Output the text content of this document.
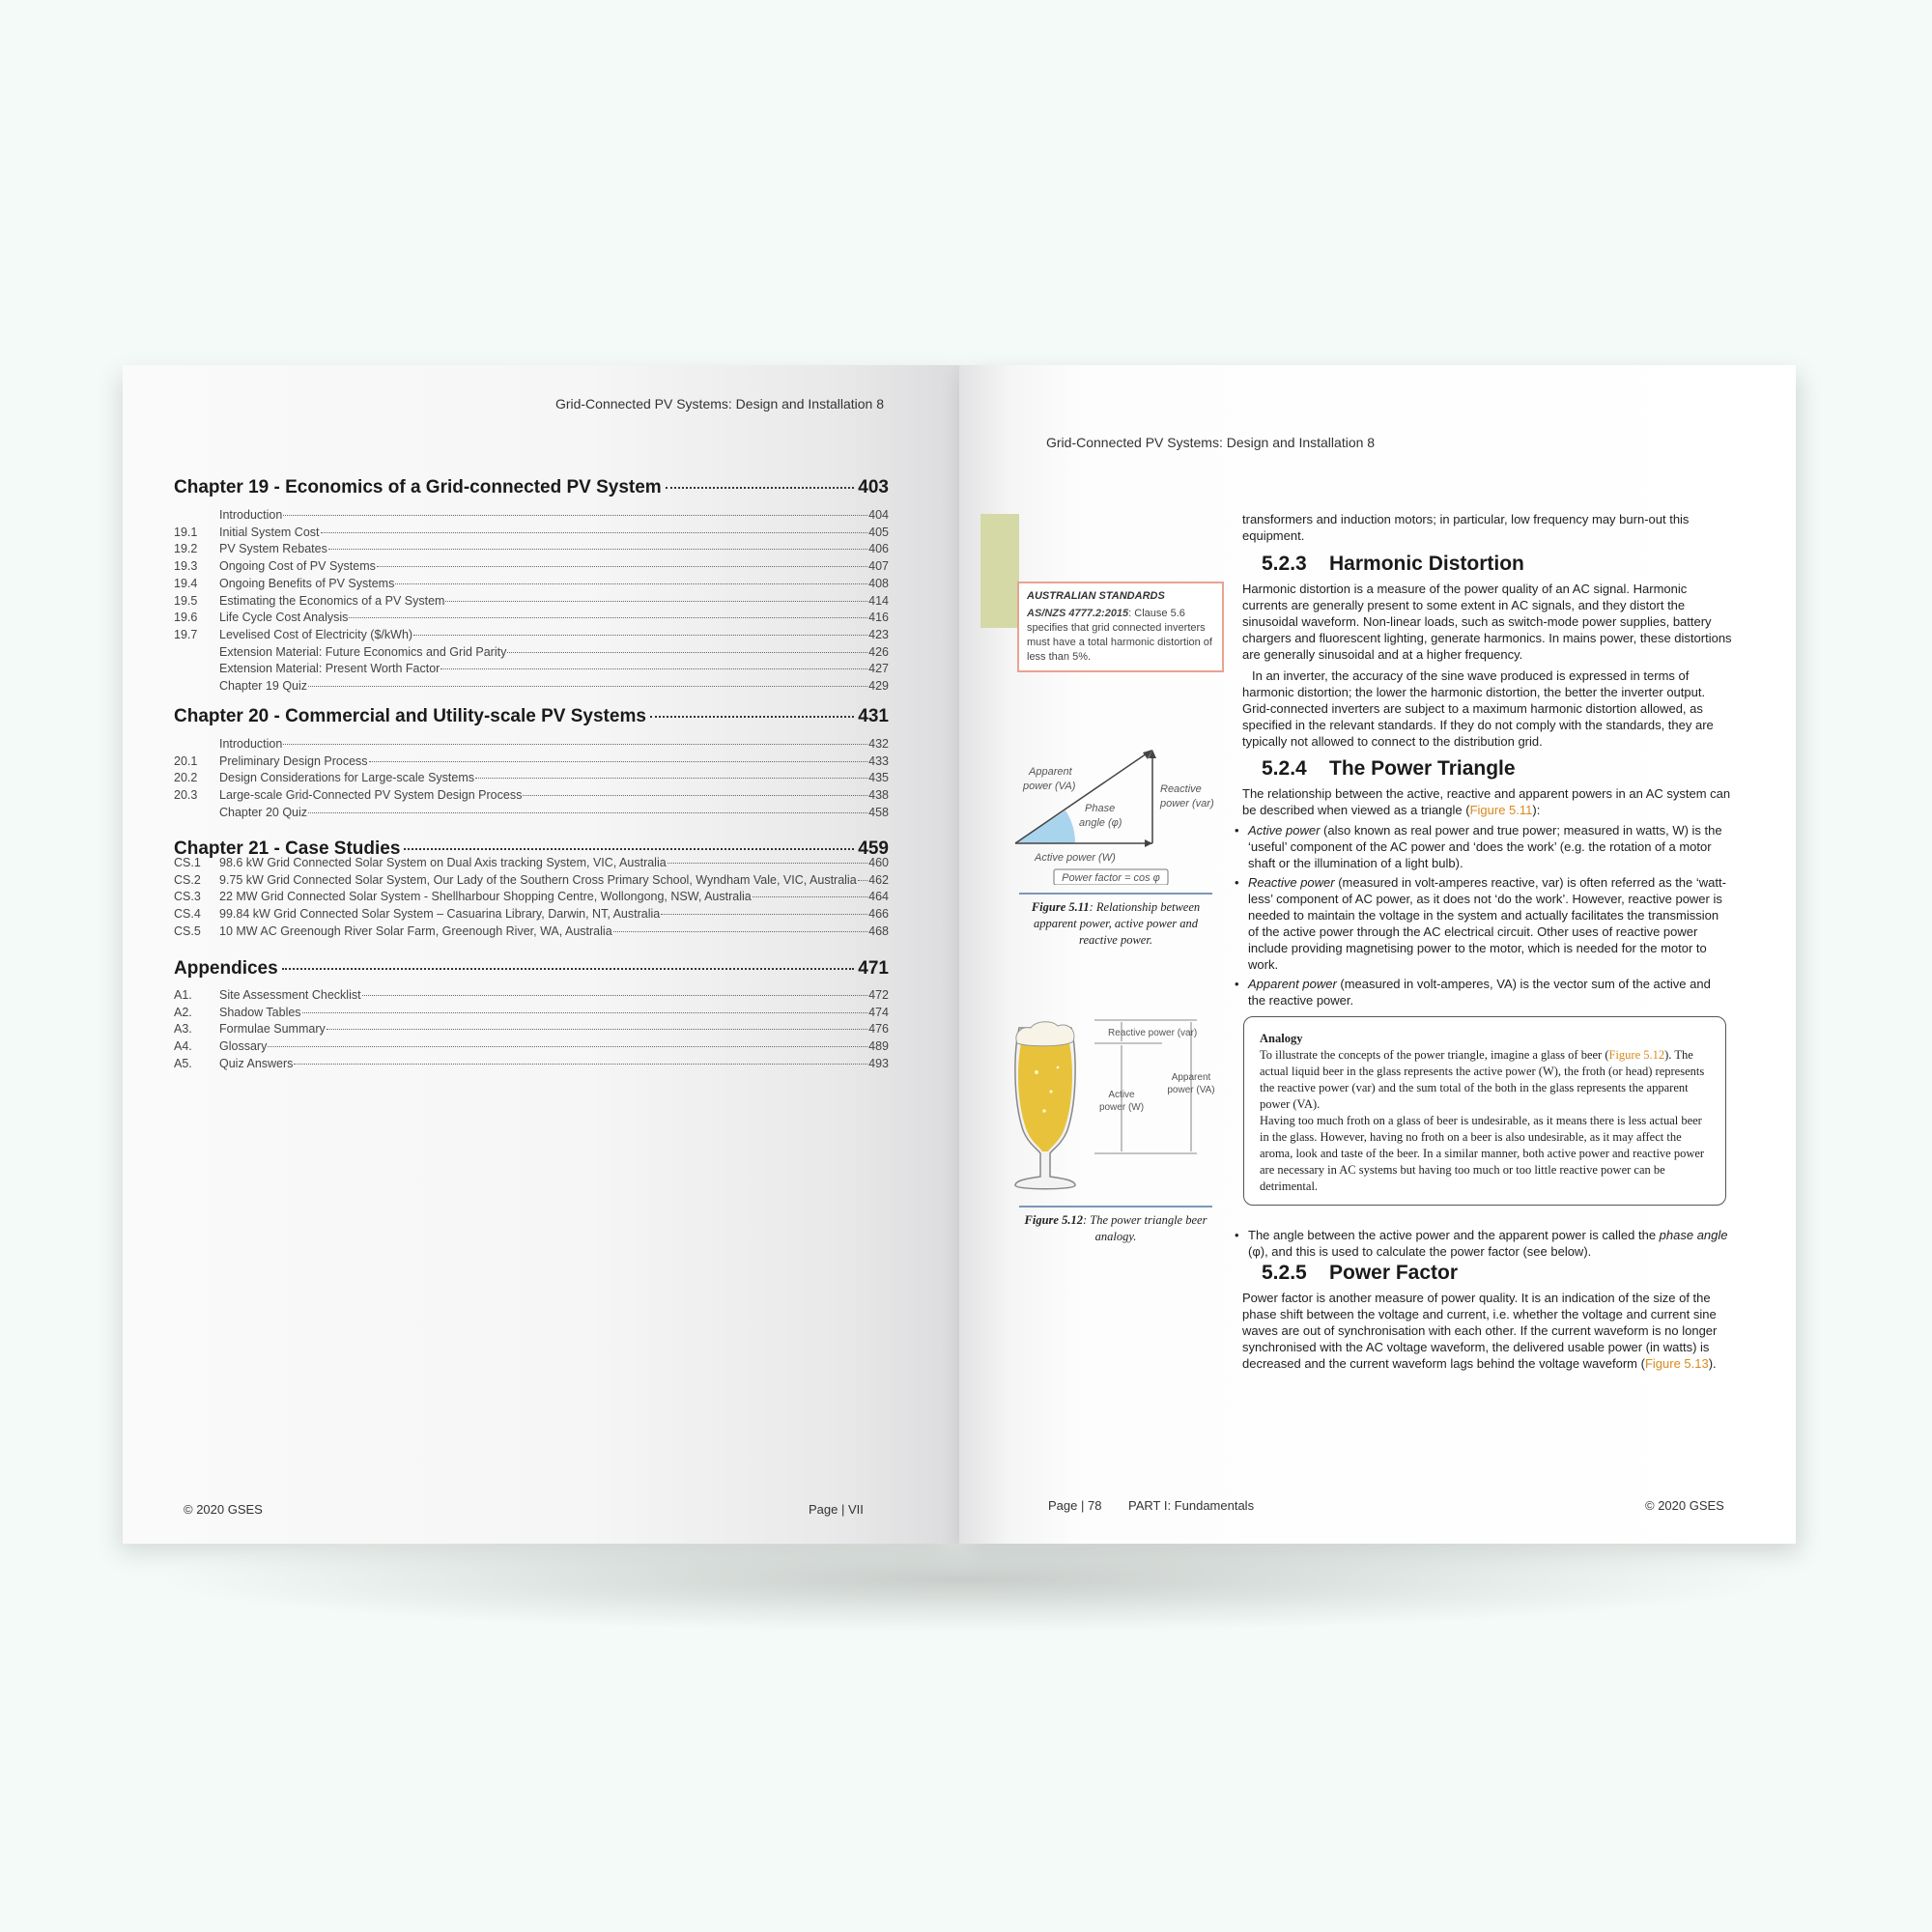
Grid-Connected PV Systems: Design and Installation 8
Chapter 19 - Economics of a Grid-connected PV System	403
Introduction	404
19.1	Initial System Cost	405
19.2	PV System Rebates	406
19.3	Ongoing Cost of PV Systems	407
19.4	Ongoing Benefits of PV Systems	408
19.5	Estimating the Economics of a PV System	414
19.6	Life Cycle Cost Analysis	416
19.7	Levelised Cost of Electricity ($/kWh)	423
Extension Material: Future Economics and Grid Parity	426
Extension Material: Present Worth Factor	427
Chapter 19 Quiz	429
Chapter 20 - Commercial and Utility-scale PV Systems	431
Introduction	432
20.1	Preliminary Design Process	433
20.2	Design Considerations for Large-scale Systems	435
20.3	Large-scale Grid-Connected PV System Design Process	438
Chapter 20 Quiz	458
Chapter 21 - Case Studies	459
CS.1	98.6 kW Grid Connected Solar System on Dual Axis tracking System, VIC, Australia	460
CS.2	9.75 kW Grid Connected Solar System, Our Lady of the Southern Cross Primary School, Wyndham Vale, VIC, Australia 462
CS.3	22 MW Grid Connected Solar System - Shellharbour Shopping Centre, Wollongong, NSW, Australia	464
CS.4	99.84 kW Grid Connected Solar System – Casuarina Library, Darwin, NT, Australia	466
CS.5	10 MW AC Greenough River Solar Farm, Greenough River, WA, Australia	468
Appendices	471
A1.	Site Assessment Checklist	472
A2.	Shadow Tables	474
A3.	Formulae Summary	476
A4.	Glossary	489
A5.	Quiz Answers	493
© 2020 GSES	Page | VII
Grid-Connected PV Systems: Design and Installation 8
AUSTRALIAN STANDARDS
AS/NZS 4777.2:2015: Clause 5.6 specifies that grid connected inverters must have a total harmonic distortion of less than 5%.
Apparent power (VA)	Reactive power (var)
Phase angle (φ)
Active power (W)
Power factor = cos φ
Figure 5.11: Relationship between apparent power, active power and reactive power.
Reactive power (var)
Active power (W)
Apparent power (VA)
Figure 5.12: The power triangle beer analogy.
Page | 78 PART I: Fundamentals	© 2020 GSES
transformers and induction motors; in particular, low frequency may burn-out this equipment.
5.2.3	Harmonic Distortion
Harmonic distortion is a measure of the power quality of an AC signal. Harmonic currents are generally present to some extent in AC signals, and they distort the sinusoidal waveform. Non-linear loads, such as switch-mode power supplies, battery chargers and fluorescent lighting, generate harmonics. In mains power, these distortions are generally sinusoidal and at a higher frequency.
In an inverter, the accuracy of the sine wave produced is expressed in terms of harmonic distortion; the lower the harmonic distortion, the better the inverter output. Grid-connected inverters are subject to a maximum harmonic distortion allowed, as specified in the relevant standards. If they do not comply with the standards, they are typically not allowed to connect to the distribution grid.
5.2.4	The Power Triangle
The relationship between the active, reactive and apparent powers in an AC system can be described when viewed as a triangle (Figure 5.11):
• Active power (also known as real power and true power; measured in watts, W) is the ‘useful’ component of the AC power and ‘does the work’ (e.g. the rotation of a motor shaft or the illumination of a light bulb).
• Reactive power (measured in volt-amperes reactive, var) is often referred as the ‘watt-less’ component of AC power, as it does not ‘do the work’. However, reactive power is needed to maintain the voltage in the system and actually facilitates the transmission of the active power through the AC electrical circuit. Other uses of reactive power include providing magnetising power to the motor, which is needed for the motor to work.
• Apparent power (measured in volt-amperes, VA) is the vector sum of the active and the reactive power.
Analogy
To illustrate the concepts of the power triangle, imagine a glass of beer (Figure 5.12). The actual liquid beer in the glass represents the active power (W), the froth (or head) represents the reactive power (var) and the sum total of the both in the glass represents the apparent power (VA).
Having too much froth on a glass of beer is undesirable, as it means there is less actual beer in the glass. However, having no froth on a beer is also undesirable, as it may affect the aroma, look and taste of the beer. In a similar manner, both active power and reactive power are necessary in AC systems but having too much or too little reactive power can be detrimental.
• The angle between the active power and the apparent power is called the phase angle (φ), and this is used to calculate the power factor (see below).
5.2.5	Power Factor
Power factor is another measure of power quality. It is an indication of the size of the phase shift between the voltage and current, i.e. whether the voltage and current sine waves are out of synchronisation with each other. If the current waveform is no longer synchronised with the AC voltage waveform, the delivered usable power (in watts) is decreased and the current waveform lags behind the voltage waveform (Figure 5.13).
